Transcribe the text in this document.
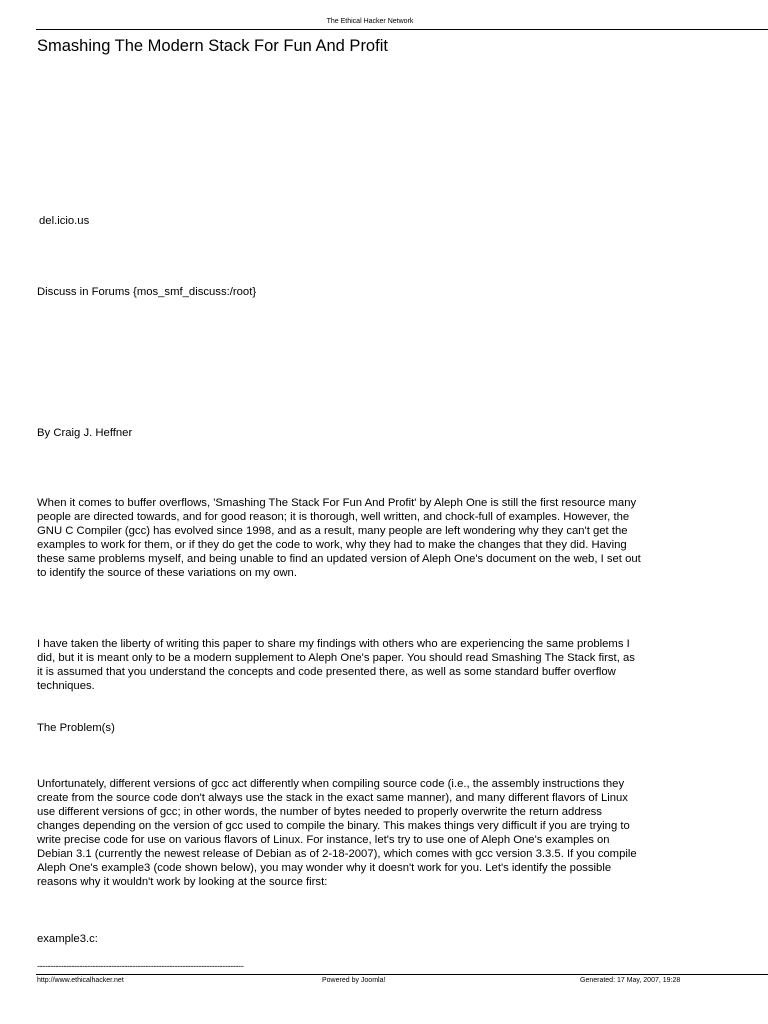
The Ethical Hacker Network
Smashing The Modern Stack For Fun And Profit
del.icio.us
Discuss in Forums {mos_smf_discuss:/root}
By Craig J. Heffner
When it comes to buffer overflows, 'Smashing The Stack For Fun And Profit' by Aleph One is still the first resource many
people are directed towards, and for good reason; it is thorough, well written, and chock-full of examples. However, the
GNU C Compiler (gcc) has evolved since 1998, and as a result, many people are left wondering why they can't get the
examples to work for them, or if they do get the code to work, why they had to make the changes that they did. Having
these same problems myself, and being unable to find an updated version of Aleph One's document on the web, I set out
to identify the source of these variations on my own.
I have taken the liberty of writing this paper to share my findings with others who are experiencing the same problems I
did, but it is meant only to be a modern supplement to Aleph One's paper. You should read Smashing The Stack first, as
it is assumed that you understand the concepts and code presented there, as well as some standard buffer overflow
techniques.
The Problem(s)
Unfortunately, different versions of gcc act differently when compiling source code (i.e., the assembly instructions they
create from the source code don't always use the stack in the exact same manner), and many different flavors of Linux
use different versions of gcc; in other words, the number of bytes needed to properly overwrite the return address
changes depending on the version of gcc used to compile the binary. This makes things very difficult if you are trying to
write precise code for use on various flavors of Linux. For instance, let's try to use one of Aleph One's examples on
Debian 3.1 (currently the newest release of Debian as of 2-18-2007), which comes with gcc version 3.3.5. If you compile
Aleph One's example3 (code shown below), you may wonder why it doesn't work for you. Let's identify the possible
reasons why it wouldn't work by looking at the source first:
example3.c:
------------------------------------------------------------------------------
http://www.ethicalhacker.net	Powered by Joomla!	Generated: 17 May, 2007, 19:28
